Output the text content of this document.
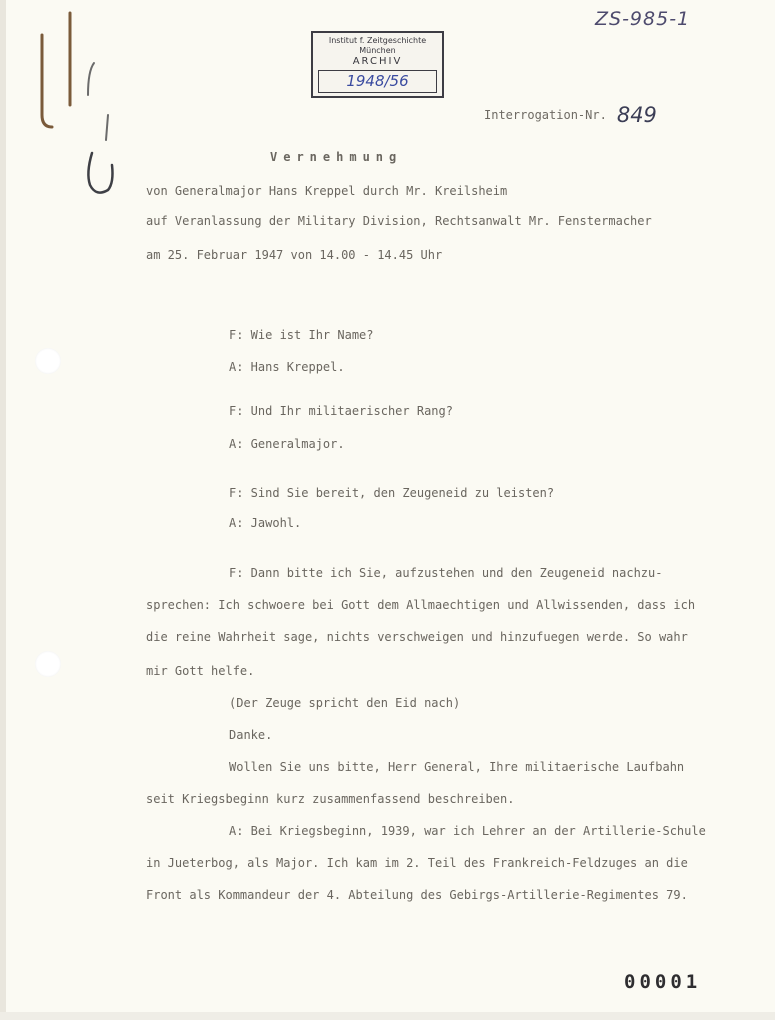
ZS-985-1
Institut f. Zeitgeschichte
München
ARCHIV
1948/56
Interrogation-Nr. 849
Vernehmung
von Generalmajor Hans Kreppel durch Mr. Kreilsheim
auf Veranlassung der Military Division, Rechtsanwalt Mr. Fenstermacher
am 25. Februar 1947 von 14.00 - 14.45 Uhr
F: Wie ist Ihr Name?
A: Hans Kreppel.
F: Und Ihr militaerischer Rang?
A: Generalmajor.
F: Sind Sie bereit, den Zeugeneid zu leisten?
A: Jawohl.
F: Dann bitte ich Sie, aufzustehen und den Zeugeneid nachzu-
sprechen: Ich schwoere bei Gott dem Allmaechtigen und Allwissenden, dass ich
die reine Wahrheit sage, nichts verschweigen und hinzufuegen werde. So wahr
mir Gott helfe.
(Der Zeuge spricht den Eid nach)
Danke.
Wollen Sie uns bitte, Herr General, Ihre militaerische Laufbahn
seit Kriegsbeginn kurz zusammenfassend beschreiben.
A: Bei Kriegsbeginn, 1939, war ich Lehrer an der Artillerie-Schule
in Jueterbog, als Major. Ich kam im 2. Teil des Frankreich-Feldzuges an die
Front als Kommandeur der 4. Abteilung des Gebirgs-Artillerie-Regimentes 79.
00001
